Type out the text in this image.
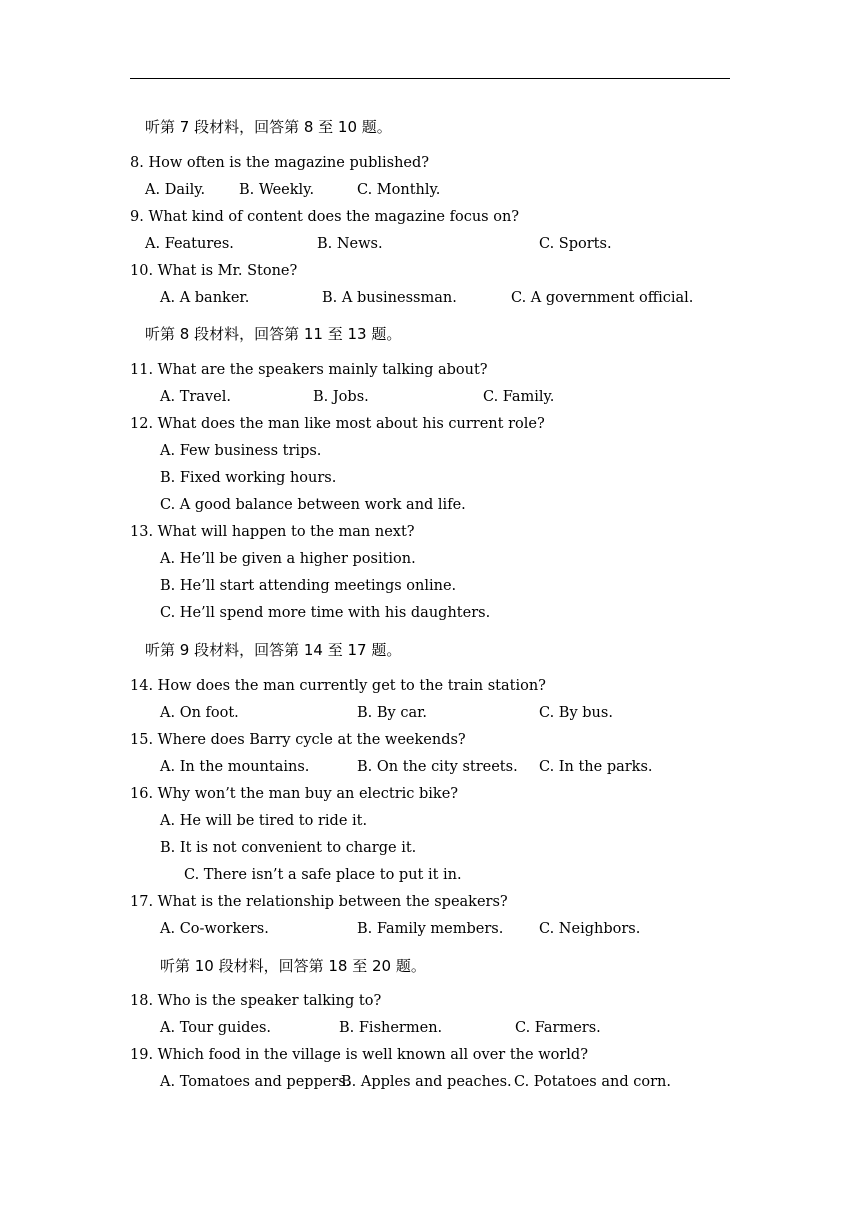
听第 7 段材料，回答第 8 至 10 题。
8. How often is the magazine published?
A. Daily. B. Weekly.	C. Monthly.
9. What kind of content does the magazine focus on?
A. Features.	B. News.	C. Sports.
10. What is Mr. Stone?
A. A banker.	B. A businessman.	C. A government official.
听第 8 段材料，回答第 11 至 13 题。
11. What are the speakers mainly talking about?
A. Travel.	B. Jobs.	C. Family.
12. What does the man like most about his current role?
A. Few business trips.
B. Fixed working hours.
C. A good balance between work and life.
13. What will happen to the man next?
A. He’ll be given a higher position.
B. He’ll start attending meetings online.
C. He’ll spend more time with his daughters.
听第 9 段材料，回答第 14 至 17 题。
14. How does the man currently get to the train station?
A. On foot.	B. By car.	C. By bus.
15. Where does Barry cycle at the weekends?
A. In the mountains.	B. On the city streets. C. In the parks.
16. Why won’t the man buy an electric bike?
A. He will be tired to ride it.
B. It is not convenient to charge it.
C. There isn’t a safe place to put it in.
17. What is the relationship between the speakers?
A. Co-workers.	B. Family members. C. Neighbors.
听第 10 段材料，回答第 18 至 20 题。
18. Who is the speaker talking to?
A. Tour guides.	B. Fishermen.	C. Farmers.
19. Which food in the village is well known all over the world?
A. Tomatoes and peppers.
B. Apples and peaches. C. Potatoes and corn.
